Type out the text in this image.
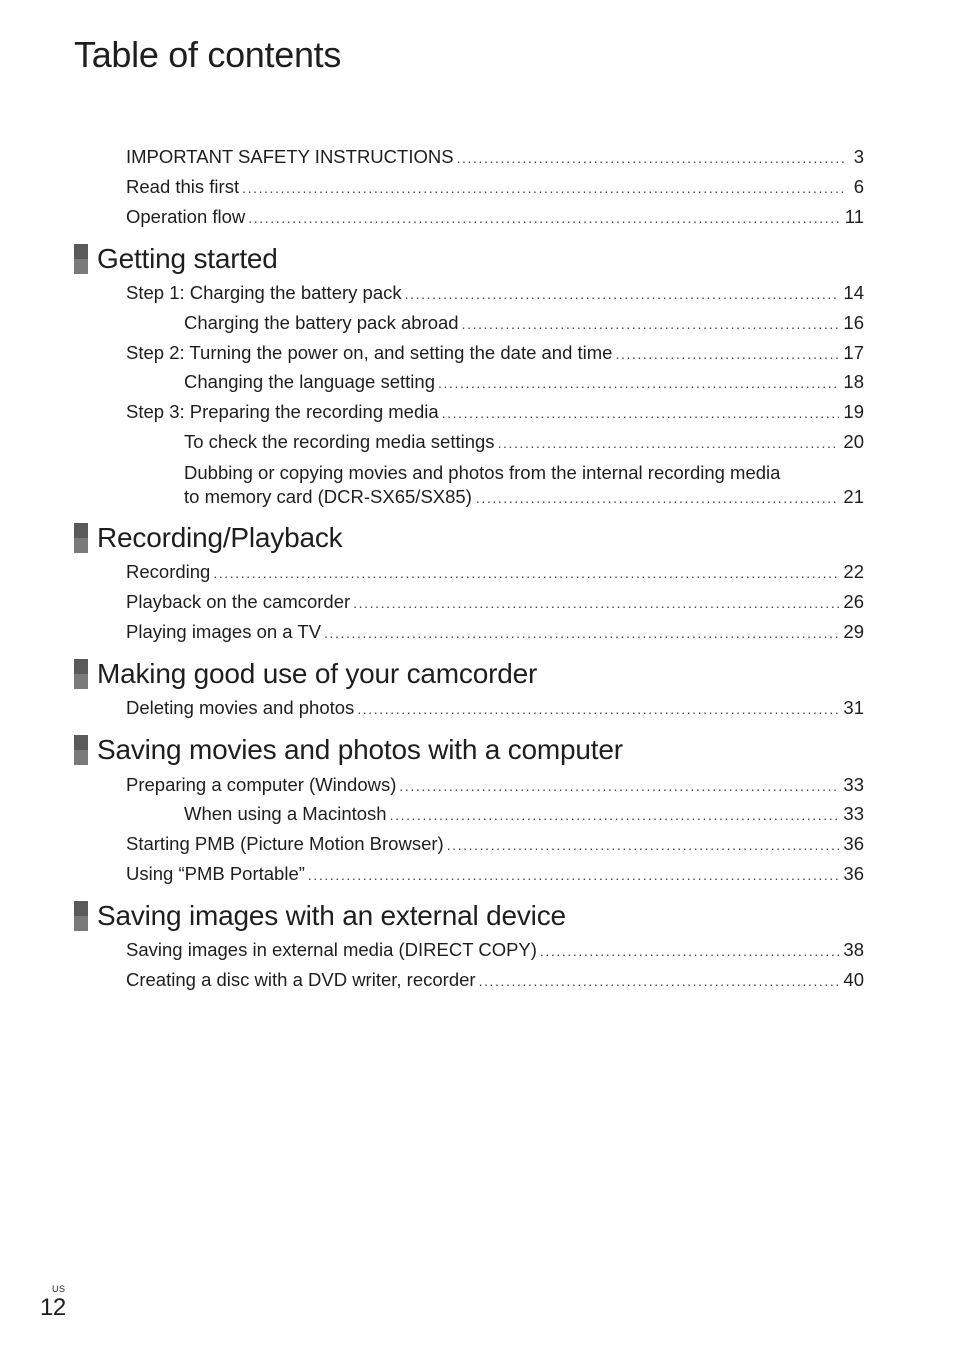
Table of contents
IMPORTANT SAFETY INSTRUCTIONS .....	3
Read this first .....	6
Operation flow .....	11
Getting started
Step 1: Charging the battery pack .....	14
Charging the battery pack abroad .....	16
Step 2: Turning the power on, and setting the date and time .....	17
Changing the language setting .....	18
Step 3: Preparing the recording media .....	19
To check the recording media settings .....	20
Dubbing or copying movies and photos from the internal recording media
to memory card (DCR-SX65/SX85) .....	21
Recording/Playback
Recording .....	22
Playback on the camcorder .....	26
Playing images on a TV .....	29
Making good use of your camcorder
Deleting movies and photos .....	31
Saving movies and photos with a computer
Preparing a computer (Windows) .....	33
When using a Macintosh .....	33
Starting PMB (Picture Motion Browser) .....	36
Using “PMB Portable” .....	36
Saving images with an external device
Saving images in external media (DIRECT COPY) .....	38
Creating a disc with a DVD writer, recorder .....	40
US
12
